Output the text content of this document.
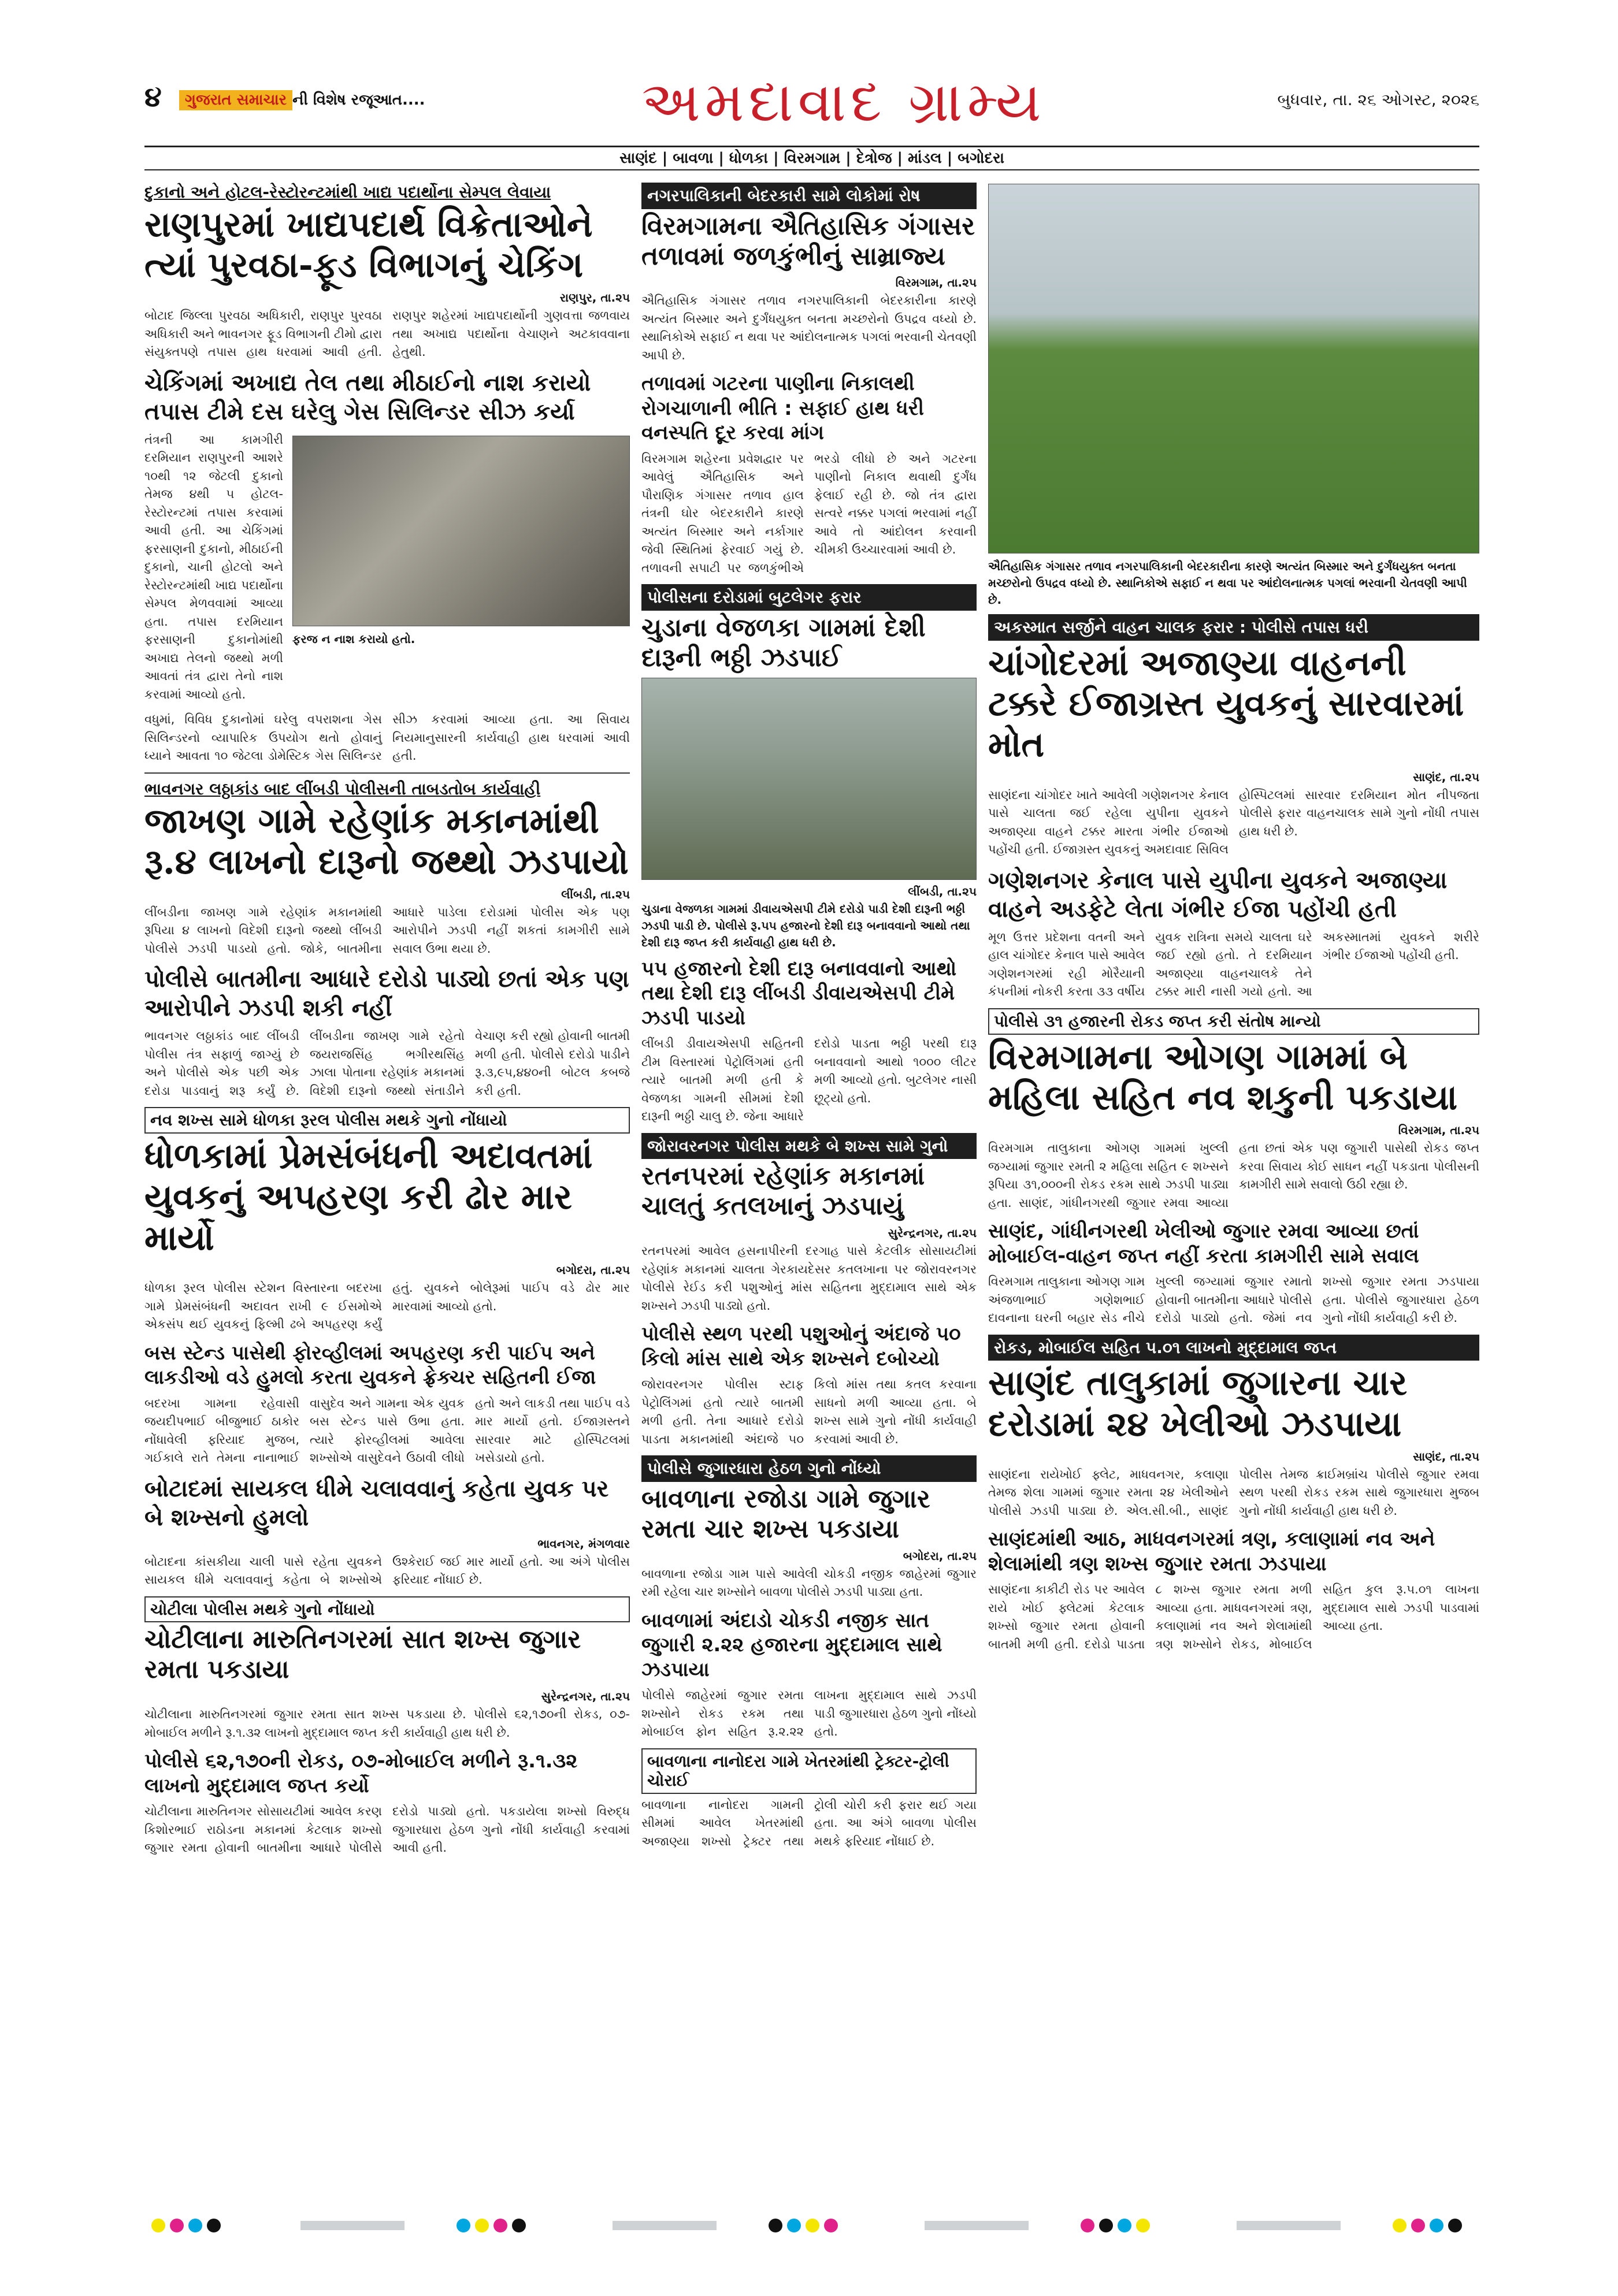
૪	ગુજરાત સમાચાર ની વિશેષ રજૂઆત....	અમદાવાદ ગ્રામ્ય	બુધવાર, તા. ૨૬ ઓગસ્ટ, ૨૦૨૬
સાણંદ | બાવળા | ધોળકા | વિરમગામ | દેત્રોજ | માંડલ | બગોદરા
દુકાનો અને હોટલ-રેસ્ટોરન્ટમાંથી ખાદ્ય પદાર્થોના સેમ્પલ લેવાયા
રાણપુરમાં ખાદ્યપદાર્થ વિક્રેતાઓને ત્યાં પુરવઠા-ફૂડ વિભાગનું ચેકિંગ
રાણપુર, તા.૨૫
બોટાદ જિલ્લા પુરવઠા અધિકારી, રાણપુર પુરવઠા અધિકારી અને ભાવનગર ફૂડ વિભાગની ટીમો દ્વારા સંયુક્તપણે તપાસ હાથ ધરવામાં આવી હતી. રાણપુર શહેરમાં ખાદ્યપદાર્થોની ગુણવત્તા જળવાય તથા અખાદ્ય પદાર્થોના વેચાણને અટકાવવાના હેતુથી.
ચેકિંગમાં અખાદ્ય તેલ તથા મીઠાઈનો નાશ કરાયો તપાસ ટીમે દસ ઘરેલુ ગેસ સિલિન્ડર સીઝ કર્યા
તંત્રની આ કામગીરી દરમિયાન રાણપુરની આશરે ૧૦થી ૧૨ જેટલી દુકાનો તેમજ ૪થી ૫ હોટલ-રેસ્ટોરન્ટમાં તપાસ કરવામાં આવી હતી. આ ચેકિંગમાં ફરસાણની દુકાનો, મીઠાઈની દુકાનો, ચાની હોટલો અને રેસ્ટોરન્ટમાંથી ખાદ્ય પદાર્થોના સેમ્પલ મેળવવામાં આવ્યા હતા. તપાસ દરમિયાન ફરસાણની દુકાનોમાંથી અખાદ્ય તેલનો જથ્થો મળી આવતાં તંત્ર દ્વારા તેનો નાશ કરવામાં આવ્યો હતો.
ફરજ ન નાશ કરાયો હતો.
વધુમાં, વિવિધ દુકાનોમાં ઘરેલુ વપરાશના ગેસ સિલિન્ડરનો વ્યાપારિક ઉપયોગ થતો હોવાનું ધ્યાને આવતા ૧૦ જેટલા ડોમેસ્ટિક ગેસ સિલિન્ડર સીઝ કરવામાં આવ્યા હતા. આ સિવાય નિયમાનુસારની કાર્યવાહી હાથ ધરવામાં આવી હતી.
ભાવનગર લઠ્ઠાકાંડ બાદ લીંબડી પોલીસની તાબડતોબ કાર્યવાહી
જાખણ ગામે રહેણાંક મકાનમાંથી રૂ.૪ લાખનો દારૂનો જથ્થો ઝડપાયો
લીંબડી, તા.૨૫
લીંબડીના જાખણ ગામે રહેણાંક મકાનમાંથી રૂપિયા ૪ લાખનો વિદેશી દારૂનો જથ્થો લીંબડી પોલીસે ઝડપી પાડયો હતો. જોકે, બાતમીના આધારે પાડેલા દરોડામાં પોલીસ એક પણ આરોપીને ઝડપી નહીં શકતાં કામગીરી સામે સવાલ ઉભા થયા છે.
પોલીસે બાતમીના આધારે દરોડો પાડ્યો છતાં એક પણ આરોપીને ઝડપી શકી નહીં
ભાવનગર લઠ્ઠાકાંડ બાદ લીંબડી પોલીસ તંત્ર સફાળું જાગ્યું છે અને પોલીસે એક પછી એક દરોડા પાડવાનું શરૂ કર્યું છે. લીંબડીના જાખણ ગામે રહેતો જયરાજસિંહ ભગીરથસિંહ ઝાલા પોતાના રહેણાંક મકાનમાં વિદેશી દારૂનો જથ્થો સંતાડીને વેચાણ કરી રહ્યો હોવાની બાતમી મળી હતી. પોલીસે દરોડો પાડીને રૂ.૩,૯૫,૪૪૦ની બોટલ કબજે કરી હતી.
નવ શખ્સ સામે ધોળકા રૂરલ પોલીસ મથકે ગુનો નોંધાયો
ધોળકામાં પ્રેમસંબંધની અદાવતમાં યુવકનું અપહરણ કરી ઢોર માર માર્યો
બગોદરા, તા.૨૫
ધોળકા રૂરલ પોલીસ સ્ટેશન વિસ્તારના બદરખા ગામે પ્રેમસંબંધની અદાવત રાખી ૯ ઈસમોએ એકસંપ થઈ યુવકનું ફિલ્મી ઢબે અપહરણ કર્યું હતું. યુવકને બોલેરૂમાં પાઈપ વડે ઢોર માર મારવામાં આવ્યો હતો.
બસ સ્ટેન્ડ પાસેથી ફોરવ્હીલમાં અપહરણ કરી પાઈપ અને લાકડીઓ વડે હુમલો કરતા યુવકને ફ્રેક્ચર સહિતની ઈજા
બદરખા ગામના રહેવાસી જયદીપભાઈ બીજુભાઈ ઠાકોર નોંધાવેલી ફરિયાદ મુજબ, ગઈકાલે રાતે તેમના નાનાભાઈ વાસુદેવ અને ગામના એક યુવક બસ સ્ટેન્ડ પાસે ઉભા હતા. ત્યારે ફોરવ્હીલમાં આવેલા શખ્સોએ વાસુદેવને ઉઠાવી લીધો હતો અને લાકડી તથા પાઈપ વડે માર માર્યો હતો. ઈજાગ્રસ્તને સારવાર માટે હોસ્પિટલમાં ખસેડાયો હતો.
બોટાદમાં સાયકલ ધીમે ચલાવવાનું કહેતા યુવક પર બે શખ્સનો હુમલો
ભાવનગર, મંગળવાર
બોટાદના કાંસકીયા ચાલી પાસે રહેતા યુવકને સાયકલ ધીમે ચલાવવાનું કહેતા બે શખ્સોએ ઉશ્કેરાઈ જઈ માર માર્યો હતો. આ અંગે પોલીસ ફરિયાદ નોંધાઈ છે.
ચોટીલા પોલીસ મથકે ગુનો નોંધાયો
ચોટીલાના મારુતિનગરમાં સાત શખ્સ જુગાર રમતા પકડાયા
સુરેન્દ્રનગર, તા.૨૫
ચોટીલાના મારુતિનગરમાં જુગાર રમતા સાત શખ્સ પકડાયા છે. પોલીસે ૬૨,૧૭૦ની રોકડ, ૦૭-મોબાઈલ મળીને રૂ.૧.૩૨ લાખનો મુદ્દામાલ જપ્ત કરી કાર્યવાહી હાથ ધરી છે.
પોલીસે ૬૨,૧૭૦ની રોકડ, ૦૭-મોબાઈલ મળીને રૂ.૧.૩૨ લાખનો મુદ્દામાલ જપ્ત કર્યો
ચોટીલાના મારુતિનગર સોસાયટીમાં આવેલ કરણ કિશોરભાઈ રાઠોડના મકાનમાં કેટલાક શખ્સો જુગાર રમતા હોવાની બાતમીના આધારે પોલીસે દરોડો પાડ્યો હતો. પકડાયેલા શખ્સો વિરુદ્ધ જુગારધારા હેઠળ ગુનો નોંધી કાર્યવાહી કરવામાં આવી હતી.
નગરપાલિકાની બેદરકારી સામે લોકોમાં રોષ
વિરમગામના ઐતિહાસિક ગંગાસર તળાવમાં જળકુંભીનું સામ્રાજ્ય
વિરમગામ, તા.૨૫
ઐતિહાસિક ગંગાસર તળાવ નગરપાલિકાની બેદરકારીના કારણે અત્યંત બિસ્માર અને દુર્ગંધયુક્ત બનતા મચ્છરોનો ઉપદ્રવ વધ્યો છે. સ્થાનિકોએ સફાઈ ન થવા પર આંદોલનાત્મક પગલાં ભરવાની ચેતવણી આપી છે.
તળાવમાં ગટરના પાણીના નિકાલથી રોગચાળાની ભીતિ : સફાઈ હાથ ધરી વનસ્પતિ દૂર કરવા માંગ
વિરમગામ શહેરના પ્રવેશદ્વાર પર આવેલું ઐતિહાસિક અને પૌરાણિક ગંગાસર તળાવ હાલ તંત્રની ઘોર બેદરકારીને કારણે અત્યંત બિસ્માર અને નર્કાગાર જેવી સ્થિતિમાં ફેરવાઈ ગયું છે. તળાવની સપાટી પર જળકુંભીએ ભરડો લીધો છે અને ગટરના પાણીનો નિકાલ થવાથી દુર્ગંધ ફેલાઈ રહી છે. જો તંત્ર દ્વારા સત્વરે નક્કર પગલાં ભરવામાં નહીં આવે તો આંદોલન કરવાની ચીમકી ઉચ્ચારવામાં આવી છે.
પોલીસના દરોડામાં બુટલેગર ફરાર
ચુડાના વેજળકા ગામમાં દેશી દારૂની ભઠ્ઠી ઝડપાઈ
લીંબડી, તા.૨૫
ચુડાના વેજળકા ગામમાં ડીવાયએસપી ટીમે દરોડો પાડી દેશી દારૂની ભઠ્ઠી ઝડપી પાડી છે. પોલીસે રૂ.૫૫ હજારનો દેશી દારૂ બનાવવાનો આથો તથા દેશી દારૂ જપ્ત કરી કાર્યવાહી હાથ ધરી છે.
૫૫ હજારનો દેશી દારૂ બનાવવાનો આથો તથા દેશી દારૂ લીંબડી ડીવાયએસપી ટીમે ઝડપી પાડયો
લીંબડી ડીવાયએસપી સહિતની ટીમ વિસ્તારમાં પેટ્રોલિંગમાં હતી ત્યારે બાતમી મળી હતી કે વેજળકા ગામની સીમમાં દેશી દારૂની ભઠ્ઠી ચાલુ છે. જેના આધારે દરોડો પાડતા ભઠ્ઠી પરથી દારૂ બનાવવાનો આથો ૧૦૦૦ લીટર મળી આવ્યો હતો. બુટલેગર નાસી છૂટ્યો હતો.
જોરાવરનગર પોલીસ મથકે બે શખ્સ સામે ગુનો
રતનપરમાં રહેણાંક મકાનમાં ચાલતું કતલખાનું ઝડપાયું
સુરેન્દ્રનગર, તા.૨૫
રતનપરમાં આવેલ હસનાપીરની દરગાહ પાસે કેટલીક સોસાયટીમાં રહેણાંક મકાનમાં ચાલતા ગેરકાયદેસર કતલખાના પર જોરાવરનગર પોલીસે રેઈડ કરી પશુઓનું માંસ સહિતના મુદ્દામાલ સાથે એક શખ્સને ઝડપી પાડ્યો હતો.
પોલીસે સ્થળ પરથી પશુઓનું અંદાજે ૫૦ કિલો માંસ સાથે એક શખ્સને દબોચ્યો
જોરાવરનગર પોલીસ સ્ટાફ પેટ્રોલિંગમાં હતો ત્યારે બાતમી મળી હતી. તેના આધારે દરોડો પાડતા મકાનમાંથી અંદાજે ૫૦ કિલો માંસ તથા કતલ કરવાના સાધનો મળી આવ્યા હતા. બે શખ્સ સામે ગુનો નોંધી કાર્યવાહી કરવામાં આવી છે.
પોલીસે જુગારધારા હેઠળ ગુનો નોંધ્યો
બાવળાના રજોડા ગામે જુગાર રમતા ચાર શખ્સ પકડાયા
બગોદરા, તા.૨૫
બાવળાના રજોડા ગામ પાસે આવેલી ચોકડી નજીક જાહેરમાં જુગાર રમી રહેલા ચાર શખ્સોને બાવળા પોલીસે ઝડપી પાડ્યા હતા.
બાવળામાં અંદાડો ચોકડી નજીક સાત જુગારી ૨.૨૨ હજારના મુદ્દામાલ સાથે ઝડપાયા
પોલીસે જાહેરમાં જુગાર રમતા શખ્સોને રોકડ રકમ તથા મોબાઈલ ફોન સહિત રૂ.૨.૨૨ લાખના મુદ્દામાલ સાથે ઝડપી પાડી જુગારધારા હેઠળ ગુનો નોંધ્યો હતો.
બાવળાના નાનોદરા ગામે ખેતરમાંથી ટ્રેક્ટર-ટ્રોલી ચોરાઈ
બાવળાના નાનોદરા ગામની સીમમાં આવેલ ખેતરમાંથી અજાણ્યા શખ્સો ટ્રેક્ટર તથા ટ્રોલી ચોરી કરી ફરાર થઈ ગયા હતા. આ અંગે બાવળા પોલીસ મથકે ફરિયાદ નોંધાઈ છે.
ઐતિહાસિક ગંગાસર તળાવ નગરપાલિકાની બેદરકારીના કારણે અત્યંત બિસ્માર અને દુર્ગંધયુક્ત બનતા મચ્છરોનો ઉપદ્રવ વધ્યો છે. સ્થાનિકોએ સફાઈ ન થવા પર આંદોલનાત્મક પગલાં ભરવાની ચેતવણી આપી છે.
અકસ્માત સર્જીને વાહન ચાલક ફરાર : પોલીસે તપાસ ધરી
ચાંગોદરમાં અજાણ્યા વાહનની ટક્કરે ઈજાગ્રસ્ત યુવકનું સારવારમાં મોત
સાણંદ, તા.૨૫
સાણંદના ચાંગોદર ખાતે આવેલી ગણેશનગર કેનાલ પાસે ચાલતા જઈ રહેલા યુપીના યુવકને અજાણ્યા વાહને ટક્કર મારતા ગંભીર ઈજાઓ પહોંચી હતી. ઈજાગ્રસ્ત યુવકનું અમદાવાદ સિવિલ હોસ્પિટલમાં સારવાર દરમિયાન મોત નીપજતા પોલીસે ફરાર વાહનચાલક સામે ગુનો નોંધી તપાસ હાથ ધરી છે.
ગણેશનગર કેનાલ પાસે યુપીના યુવકને અજાણ્યા વાહને અડફેટે લેતા ગંભીર ઈજા પહોંચી હતી
મૂળ ઉત્તર પ્રદેશના વતની અને હાલ ચાંગોદર કેનાલ પાસે આવેલ ગણેશનગરમાં રહી મોરૈયાની કંપનીમાં નોકરી કરતા ૩૩ વર્ષીય યુવક રાત્રિના સમયે ચાલતા ઘરે જઈ રહ્યો હતો. તે દરમિયાન અજાણ્યા વાહનચાલકે તેને ટક્કર મારી નાસી ગયો હતો. આ અકસ્માતમાં યુવકને શરીરે ગંભીર ઈજાઓ પહોંચી હતી.
પોલીસે ૩૧ હજારની રોકડ જપ્ત કરી સંતોષ માન્યો
વિરમગામના ઓગણ ગામમાં બે મહિલા સહિત નવ શકુની પકડાયા
વિરમગામ, તા.૨૫
વિરમગામ તાલુકાના ઓગણ ગામમાં ખુલ્લી જગ્યામાં જુગાર રમતી ૨ મહિલા સહિત ૯ શખ્સને રૂપિયા ૩૧,૦૦૦ની રોકડ રકમ સાથે ઝડપી પાડ્યા હતા. સાણંદ, ગાંધીનગરથી જુગાર રમવા આવ્યા હતા છતાં એક પણ જુગારી પાસેથી રોકડ જપ્ત કરવા સિવાય કોઈ સાધન નહીં પકડાતા પોલીસની કામગીરી સામે સવાલો ઉઠી રહ્યા છે.
સાણંદ, ગાંધીનગરથી ખેલીઓ જુગાર રમવા આવ્યા છતાં મોબાઈલ-વાહન જપ્ત નહીં કરતા કામગીરી સામે સવાલ
વિરમગામ તાલુકાના ઓગણ ગામ અંજળાભાઈ ગણેશભાઈ દાવનાના ઘરની બહાર સેડ નીચે ખુલ્લી જગ્યામાં જુગાર રમાતો હોવાની બાતમીના આધારે પોલીસે દરોડો પાડ્યો હતો. જેમાં નવ શખ્સો જુગાર રમતા ઝડપાયા હતા. પોલીસે જુગારધારા હેઠળ ગુનો નોંધી કાર્યવાહી કરી છે.
રોકડ, મોબાઈલ સહિત ૫.૦૧ લાખનો મુદ્દામાલ જપ્ત
સાણંદ તાલુકામાં જુગારના ચાર દરોડામાં ૨૪ ખેલીઓ ઝડપાયા
સાણંદ, તા.૨૫
સાણંદના રાયેખોઈ ફ્લેટ, માધવનગર, કલાણા તેમજ શેલા ગામમાં જુગાર રમતા ૨૪ ખેલીઓને પોલીસે ઝડપી પાડ્યા છે. એલ.સી.બી., સાણંદ પોલીસ તેમજ ક્રાઈમબ્રાંચ પોલીસે જુગાર રમવા સ્થળ પરથી રોકડ રકમ સાથે જુગારધારા મુજબ ગુનો નોંધી કાર્યવાહી હાથ ધરી છે.
સાણંદમાંથી આઠ, માધવનગરમાં ત્રણ, કલાણામાં નવ અને શેલામાંથી ત્રણ શખ્સ જુગાર રમતા ઝડપાયા
સાણંદના કાકીટી રોડ પર આવેલ રાયે ખોઈ ફ્લેટમાં કેટલાક શખ્સો જુગાર રમતા હોવાની બાતમી મળી હતી. દરોડો પાડતા ૮ શખ્સ જુગાર રમતા મળી આવ્યા હતા. માધવનગરમાં ત્રણ, કલાણામાં નવ અને શેલામાંથી ત્રણ શખ્સોને રોકડ, મોબાઈલ સહિત કુલ રૂ.૫.૦૧ લાખના મુદ્દામાલ સાથે ઝડપી પાડવામાં આવ્યા હતા.
